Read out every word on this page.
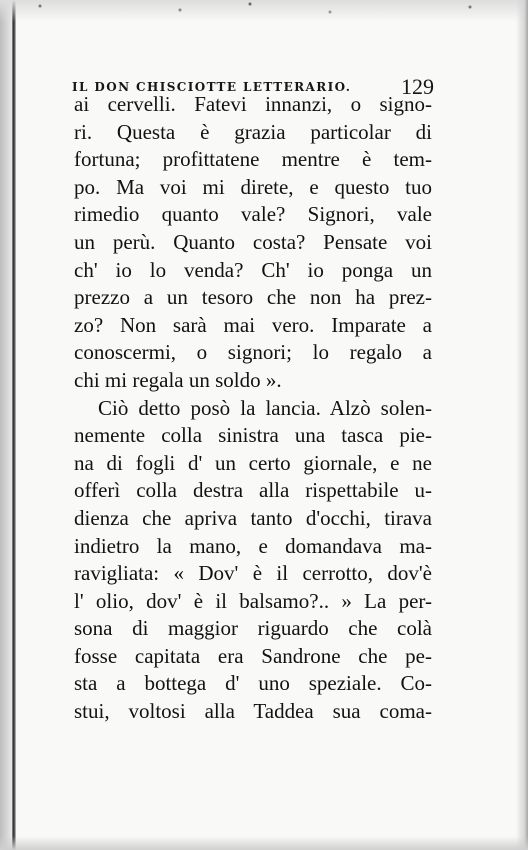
IL DON CHISCIOTTE LETTERARIO. 129
ai cervelli. Fatevi innanzi, o signo-
ri. Questa è grazia particolar di
fortuna; profittatene mentre è tem-
po. Ma voi mi direte, e questo tuo
rimedio quanto vale? Signori, vale
un perù. Quanto costa? Pensate voi
ch' io lo venda? Ch' io ponga un
prezzo a un tesoro che non ha prez-
zo? Non sarà mai vero. Imparate a
conoscermi, o signori; lo regalo a
chi mi regala un soldo ».
Ciò detto posò la lancia. Alzò solen-
nemente colla sinistra una tasca pie-
na di fogli d' un certo giornale, e ne
offerì colla destra alla rispettabile u-
dienza che apriva tanto d'occhi, tirava
indietro la mano, e domandava ma-
ravigliata: « Dov' è il cerrotto, dov'è
l' olio, dov' è il balsamo?.. » La per-
sona di maggior riguardo che colà
fosse capitata era Sandrone che pe-
sta a bottega d' uno speziale. Co-
stui, voltosi alla Taddea sua coma-
